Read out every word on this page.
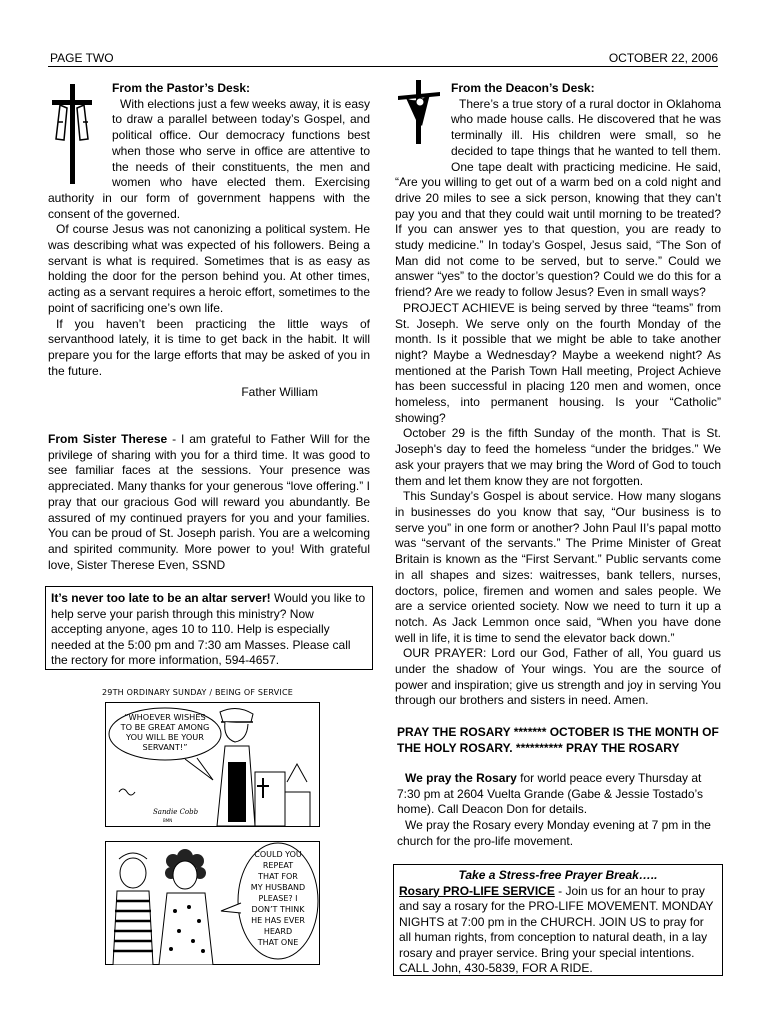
PAGE TWO	OCTOBER 22, 2006

From the Pastor’s Desk:

With elections just a few weeks away, it is easy to draw a parallel between today’s Gospel, and political office. Our democracy functions best when those who serve in office are attentive to the needs of their constituents, the men and women who have elected them. Exercising authority in our form of government happens with the consent of the governed.

Of course Jesus was not canonizing a political system. He was describing what was expected of his followers. Being a servant is what is required. Sometimes that is as easy as holding the door for the person behind you. At other times, acting as a servant requires a heroic effort, sometimes to the point of sacrificing one’s own life.

If you haven’t been practicing the little ways of servanthood lately, it is time to get back in the habit. It will prepare you for the large efforts that may be asked of you in the future.

Father William

From Sister Therese - I am grateful to Father Will for the privilege of sharing with you for a third time. It was good to see familiar faces at the sessions. Your presence was appreciated. Many thanks for your generous “love offering.” I pray that our gracious God will reward you abundantly. Be assured of my continued prayers for you and your families. You can be proud of St. Joseph parish. You are a welcoming and spirited community. More power to you! With grateful love, Sister Therese Even, SSND

It’s never too late to be an altar server! Would you like to help serve your parish through this ministry? Now accepting anyone, ages 10 to 110. Help is especially needed at the 5:00 pm and 7:30 am Masses. Please call the rectory for more information, 594-4657.
29TH ORDINARY SUNDAY / BEING OF SERVICE
“WHOEVER WISHES
TO BE GREAT AMONG
YOU WILL BE YOUR
SERVANT!”
Sandie Cobb
BMN
COULD YOU
REPEAT
THAT FOR
MY HUSBAND
PLEASE? I
DON’T THINK
HE HAS EVER
HEARD
THAT ONE

From the Deacon’s Desk:

There’s a true story of a rural doctor in Oklahoma who made house calls. He discovered that he was terminally ill. His children were small, so he decided to tape things that he wanted to tell them. One tape dealt with practicing medicine. He said, “Are you willing to get out of a warm bed on a cold night and drive 20 miles to see a sick person, knowing that they can’t pay you and that they could wait until morning to be treated? If you can answer yes to that question, you are ready to study medicine.” In today’s Gospel, Jesus said, “The Son of Man did not come to be served, but to serve.” Could we answer “yes” to the doctor’s question? Could we do this for a friend? Are we ready to follow Jesus? Even in small ways?

PROJECT ACHIEVE is being served by three “teams” from St. Joseph. We serve only on the fourth Monday of the month. Is it possible that we might be able to take another night? Maybe a Wednesday? Maybe a weekend night? As mentioned at the Parish Town Hall meeting, Project Achieve has been successful in placing 120 men and women, once homeless, into permanent housing. Is your “Catholic” showing?

October 29 is the fifth Sunday of the month. That is St. Joseph's day to feed the homeless “under the bridges.” We ask your prayers that we may bring the Word of God to touch them and let them know they are not forgotten.

This Sunday’s Gospel is about service. How many slogans in businesses do you know that say, “Our business is to serve you” in one form or another? John Paul II’s papal motto was “servant of the servants.” The Prime Minister of Great Britain is known as the “First Servant.” Public servants come in all shapes and sizes: waitresses, bank tellers, nurses, doctors, police, firemen and women and sales people. We are a service oriented society. Now we need to turn it up a notch. As Jack Lemmon once said, “When you have done well in life, it is time to send the elevator back down.”

OUR PRAYER: Lord our God, Father of all, You guard us under the shadow of Your wings. You are the source of power and inspiration; give us strength and joy in serving You through our brothers and sisters in need. Amen.

PRAY THE ROSARY ******* OCTOBER IS THE MONTH OF THE HOLY ROSARY. ********** PRAY THE ROSARY

We pray the Rosary for world peace every Thursday at 7:30 pm at 2604 Vuelta Grande (Gabe & Jessie Tostado’s home). Call Deacon Don for details.

We pray the Rosary every Monday evening at 7 pm in the church for the pro-life movement.

Take a Stress-free Prayer Break…..
Rosary PRO-LIFE SERVICE - Join us for an hour to pray and say a rosary for the PRO-LIFE MOVEMENT. MONDAY NIGHTS at 7:00 pm in the CHURCH. JOIN US to pray for all human rights, from conception to natural death, in a lay rosary and prayer service. Bring your special intentions. CALL John, 430-5839, FOR A RIDE.
